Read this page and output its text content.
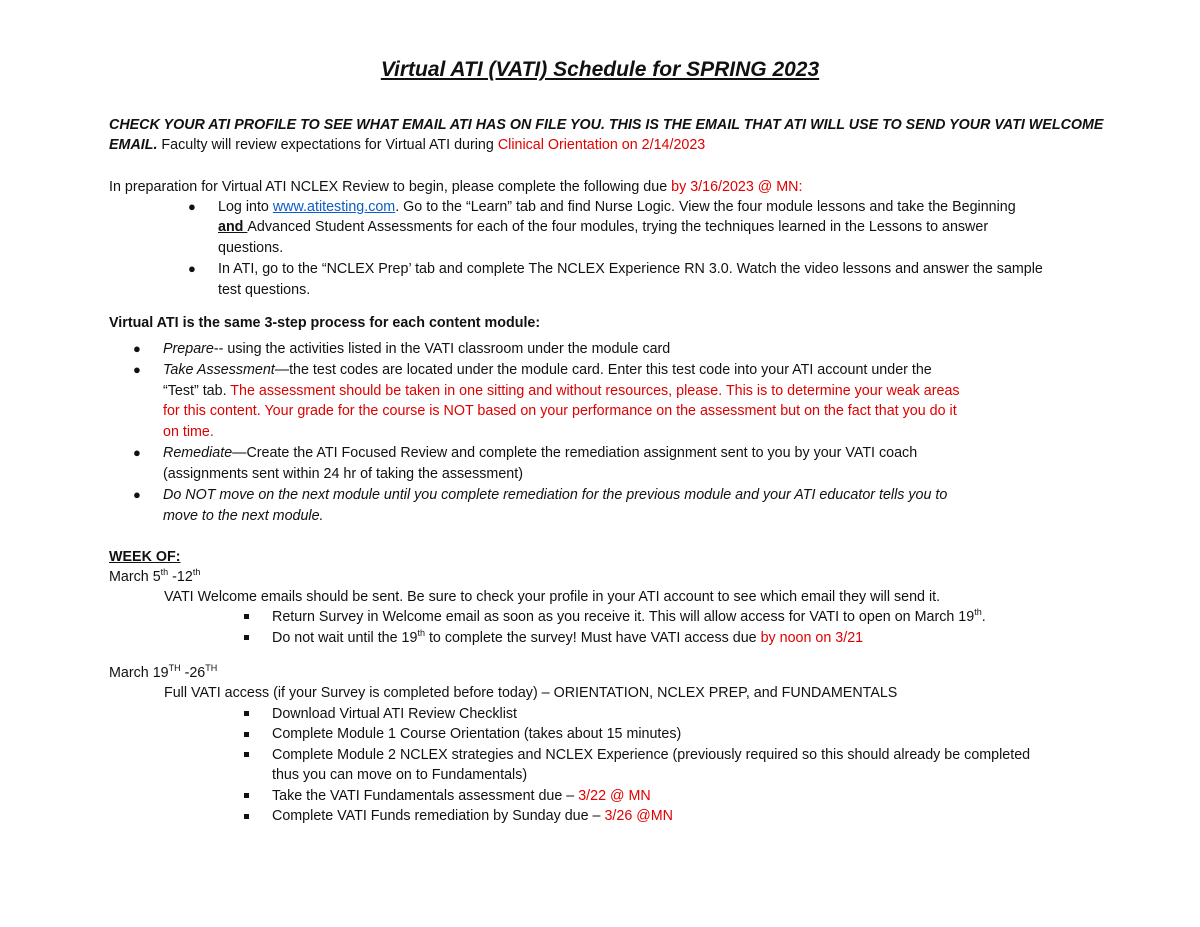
Virtual ATI (VATI) Schedule for SPRING 2023
CHECK YOUR ATI PROFILE TO SEE WHAT EMAIL ATI HAS ON FILE YOU. THIS IS THE EMAIL THAT ATI WILL USE TO SEND YOUR VATI WELCOME
EMAIL. Faculty will review expectations for Virtual ATI during Clinical Orientation on 2/14/2023
In preparation for Virtual ATI NCLEX Review to begin, please complete the following due by 3/16/2023 @ MN:
● Log into www.atitesting.com. Go to the “Learn” tab and find Nurse Logic. View the four module lessons and take the Beginning
and Advanced Student Assessments for each of the four modules, trying the techniques learned in the Lessons to answer
questions.
● In ATI, go to the “NCLEX Prep’ tab and complete The NCLEX Experience RN 3.0. Watch the video lessons and answer the sample
test questions.
Virtual ATI is the same 3-step process for each content module:
● Prepare-- using the activities listed in the VATI classroom under the module card
● Take Assessment—the test codes are located under the module card. Enter this test code into your ATI account under the
“Test” tab. The assessment should be taken in one sitting and without resources, please. This is to determine your weak areas
for this content. Your grade for the course is NOT based on your performance on the assessment but on the fact that you do it
on time.
● Remediate—Create the ATI Focused Review and complete the remediation assignment sent to you by your VATI coach
(assignments sent within 24 hr of taking the assessment)
● Do NOT move on the next module until you complete remediation for the previous module and your ATI educator tells you to
move to the next module.
WEEK OF:
March 5th -12th
VATI Welcome emails should be sent. Be sure to check your profile in your ATI account to see which email they will send it.
Return Survey in Welcome email as soon as you receive it. This will allow access for VATI to open on March 19th.
Do not wait until the 19th to complete the survey! Must have VATI access due by noon on 3/21
March 19TH -26TH
Full VATI access (if your Survey is completed before today) – ORIENTATION, NCLEX PREP, and FUNDAMENTALS
Download Virtual ATI Review Checklist
Complete Module 1 Course Orientation (takes about 15 minutes)
Complete Module 2 NCLEX strategies and NCLEX Experience (previously required so this should already be completed
thus you can move on to Fundamentals)
Take the VATI Fundamentals assessment due – 3/22 @ MN
Complete VATI Funds remediation by Sunday due – 3/26 @MN
